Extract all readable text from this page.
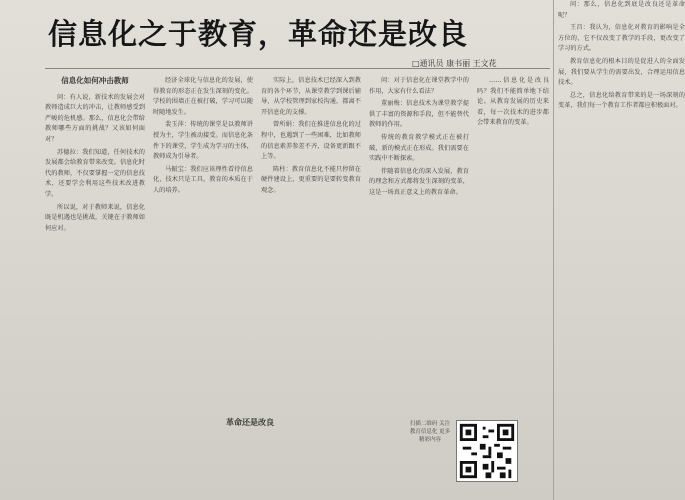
信息化之于教育，革命还是改良
□通讯员 康书丽 王文花
信息化如何冲击教师

问：有人说，新技术的发展会对教师造成巨大的冲击，让教师感受到严峻的危机感。那么，信息化会带给教师哪些方面的挑战？又该如何面对？

苏德拉：我们知道，任何技术的发展都会给教育带来改变。信息化时代的教师，不仅要掌握一定的信息技术，还要学会利用这些技术改进教学。

所以说，对于教师来说，信息化既是机遇也是挑战，关键在于教师如何应对。

经济全球化与信息化的发展，使得教育的形态正在发生深刻的变化。学校的围墙正在被打破，学习可以随时随地发生。

裴玉萍：传统的课堂是以教师讲授为主，学生被动接受。而信息化条件下的课堂，学生成为学习的主体，教师成为引导者。

马振宝：我们应该理性看待信息化，技术只是工具，教育的本质在于人的培养。

革命还是改良

实际上，信息技术已经深入到教育的各个环节，从课堂教学到课后辅导，从学校管理到家校沟通，都离不开信息化的支撑。

曾所娟：我们在推进信息化的过程中，也遇到了一些困难，比如教师的信息素养参差不齐，设备更新跟不上等。

陈柱：教育信息化不能只停留在硬件建设上，更重要的是要转变教育观念。

问：对于信息化在课堂教学中的作用，大家有什么看法？

董丽梅：信息技术为课堂教学提供了丰富的资源和手段，但不能替代教师的作用。

传统的教育教学模式正在被打破，新的模式正在形成。我们需要在实践中不断探索。

伴随着信息化的深入发展，教育的理念和方式都将发生深刻的变革，这是一场真正意义上的教育革命。

……信息化是改良吗？我们不能简单地下结论。从教育发展的历史来看，每一次技术的进步都会带来教育的变革。

扫描二维码 关注教育信息化 更多精彩内容

问：那么，信息化到底是改良还是革命呢？

王昌：我认为，信息化对教育的影响是全方位的，它不仅改变了教学的手段，更改变了学习的方式。

教育信息化的根本目的是促进人的全面发展，我们要从学生的需要出发，合理运用信息技术。

总之，信息化给教育带来的是一场深刻的变革，我们每一个教育工作者都应积极面对。
